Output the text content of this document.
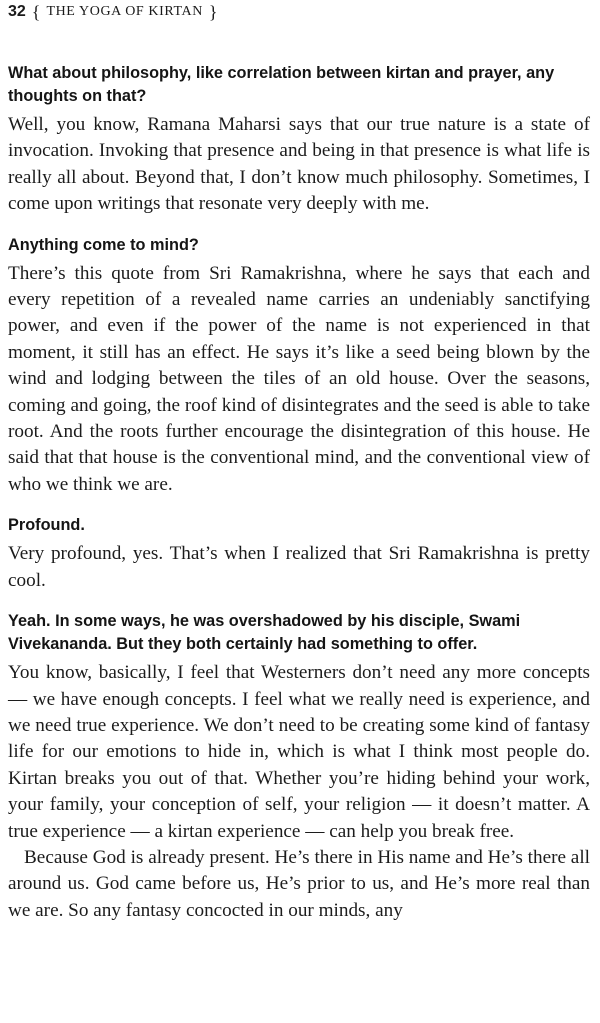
32 { THE YOGA OF KIRTAN }

What about philosophy, like correlation between kirtan and prayer, any thoughts on that?

Well, you know, Ramana Maharsi says that our true nature is a state of invocation. Invoking that presence and being in that presence is what life is really all about. Beyond that, I don’t know much philosophy. Sometimes, I come upon writings that resonate very deeply with me.

Anything come to mind?

There’s this quote from Sri Ramakrishna, where he says that each and every repetition of a revealed name carries an undeniably sanctifying power, and even if the power of the name is not experienced in that moment, it still has an effect. He says it’s like a seed being blown by the wind and lodging between the tiles of an old house. Over the seasons, coming and going, the roof kind of disintegrates and the seed is able to take root. And the roots further encourage the disintegration of this house. He said that that house is the conventional mind, and the conventional view of who we think we are.

Profound.

Very profound, yes. That’s when I realized that Sri Ramakrishna is pretty cool.

Yeah. In some ways, he was overshadowed by his disciple, Swami Vivekananda. But they both certainly had something to offer.

You know, basically, I feel that Westerners don’t need any more concepts — we have enough concepts. I feel what we really need is experience, and we need true experience. We don’t need to be creating some kind of fantasy life for our emotions to hide in, which is what I think most people do. Kirtan breaks you out of that. Whether you’re hiding behind your work, your family, your conception of self, your religion — it doesn’t matter. A true experience — a kirtan experience — can help you break free.

Because God is already present. He’s there in His name and He’s there all around us. God came before us, He’s prior to us, and He’s more real than we are. So any fantasy concocted in our minds, any
